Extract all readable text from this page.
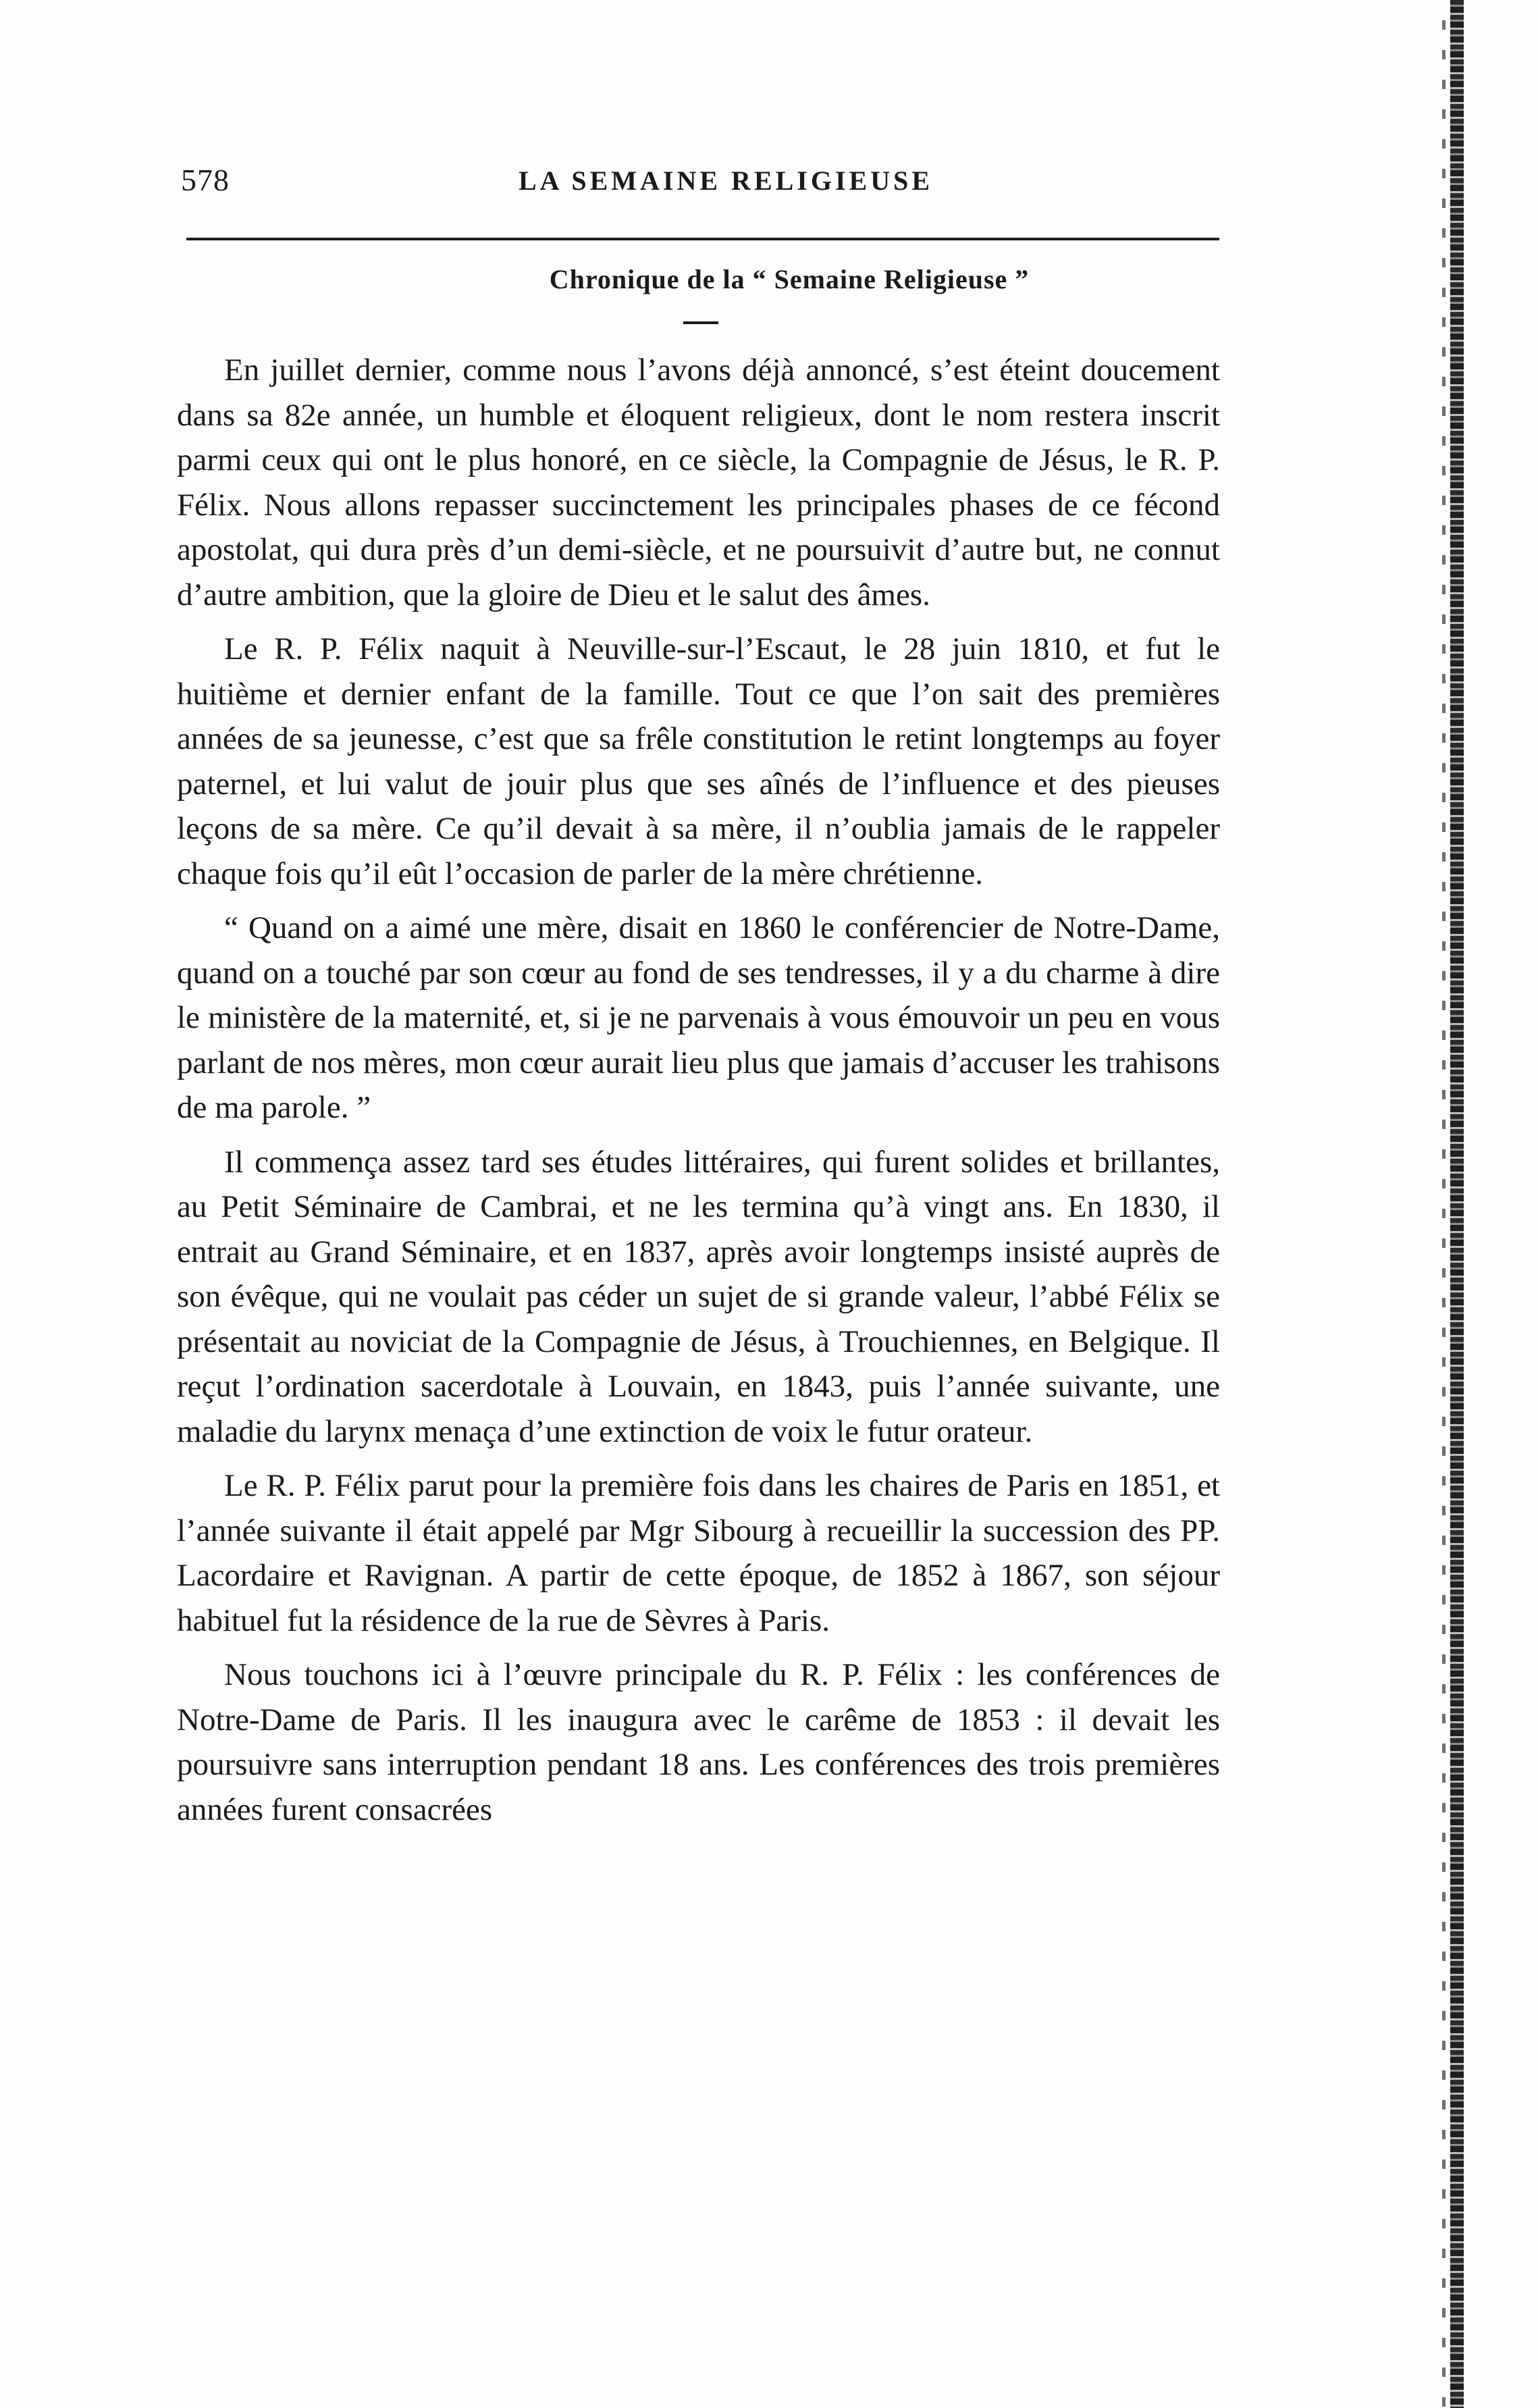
578	LA SEMAINE RELIGIEUSE
Chronique de la “ Semaine Religieuse ”

En juillet dernier, comme nous l’avons déjà annoncé, s’est éteint doucement dans sa 82e année, un humble et éloquent religieux, dont le nom restera inscrit parmi ceux qui ont le plus honoré, en ce siècle, la Compagnie de Jésus, le R. P. Félix. Nous allons repasser succinctement les principales phases de ce fécond apostolat, qui dura près d’un demi-siècle, et ne poursuivit d’autre but, ne connut d’autre ambition, que la gloire de Dieu et le salut des âmes.

Le R. P. Félix naquit à Neuville-sur-l’Escaut, le 28 juin 1810, et fut le huitième et dernier enfant de la famille. Tout ce que l’on sait des premières années de sa jeunesse, c’est que sa frêle constitution le retint longtemps au foyer paternel, et lui valut de jouir plus que ses aînés de l’influence et des pieuses leçons de sa mère. Ce qu’il devait à sa mère, il n’oublia jamais de le rappeler chaque fois qu’il eût l’occasion de parler de la mère chrétienne.

“ Quand on a aimé une mère, disait en 1860 le conférencier de Notre-Dame, quand on a touché par son cœur au fond de ses tendresses, il y a du charme à dire le ministère de la maternité, et, si je ne parvenais à vous émouvoir un peu en vous parlant de nos mères, mon cœur aurait lieu plus que jamais d’accuser les trahisons de ma parole. ”

Il commença assez tard ses études littéraires, qui furent solides et brillantes, au Petit Séminaire de Cambrai, et ne les termina qu’à vingt ans. En 1830, il entrait au Grand Séminaire, et en 1837, après avoir longtemps insisté auprès de son évêque, qui ne voulait pas céder un sujet de si grande valeur, l’abbé Félix se présentait au noviciat de la Compagnie de Jésus, à Trouchiennes, en Belgique. Il reçut l’ordination sacerdotale à Louvain, en 1843, puis l’année suivante, une maladie du larynx menaça d’une extinction de voix le futur orateur.

Le R. P. Félix parut pour la première fois dans les chaires de Paris en 1851, et l’année suivante il était appelé par Mgr Sibourg à recueillir la succession des PP. Lacordaire et Ravignan. A partir de cette époque, de 1852 à 1867, son séjour habituel fut la résidence de la rue de Sèvres à Paris.

Nous touchons ici à l’œuvre principale du R. P. Félix : les conférences de Notre-Dame de Paris. Il les inaugura avec le carême de 1853 : il devait les poursuivre sans interruption pendant 18 ans. Les conférences des trois premières années furent consacrées
